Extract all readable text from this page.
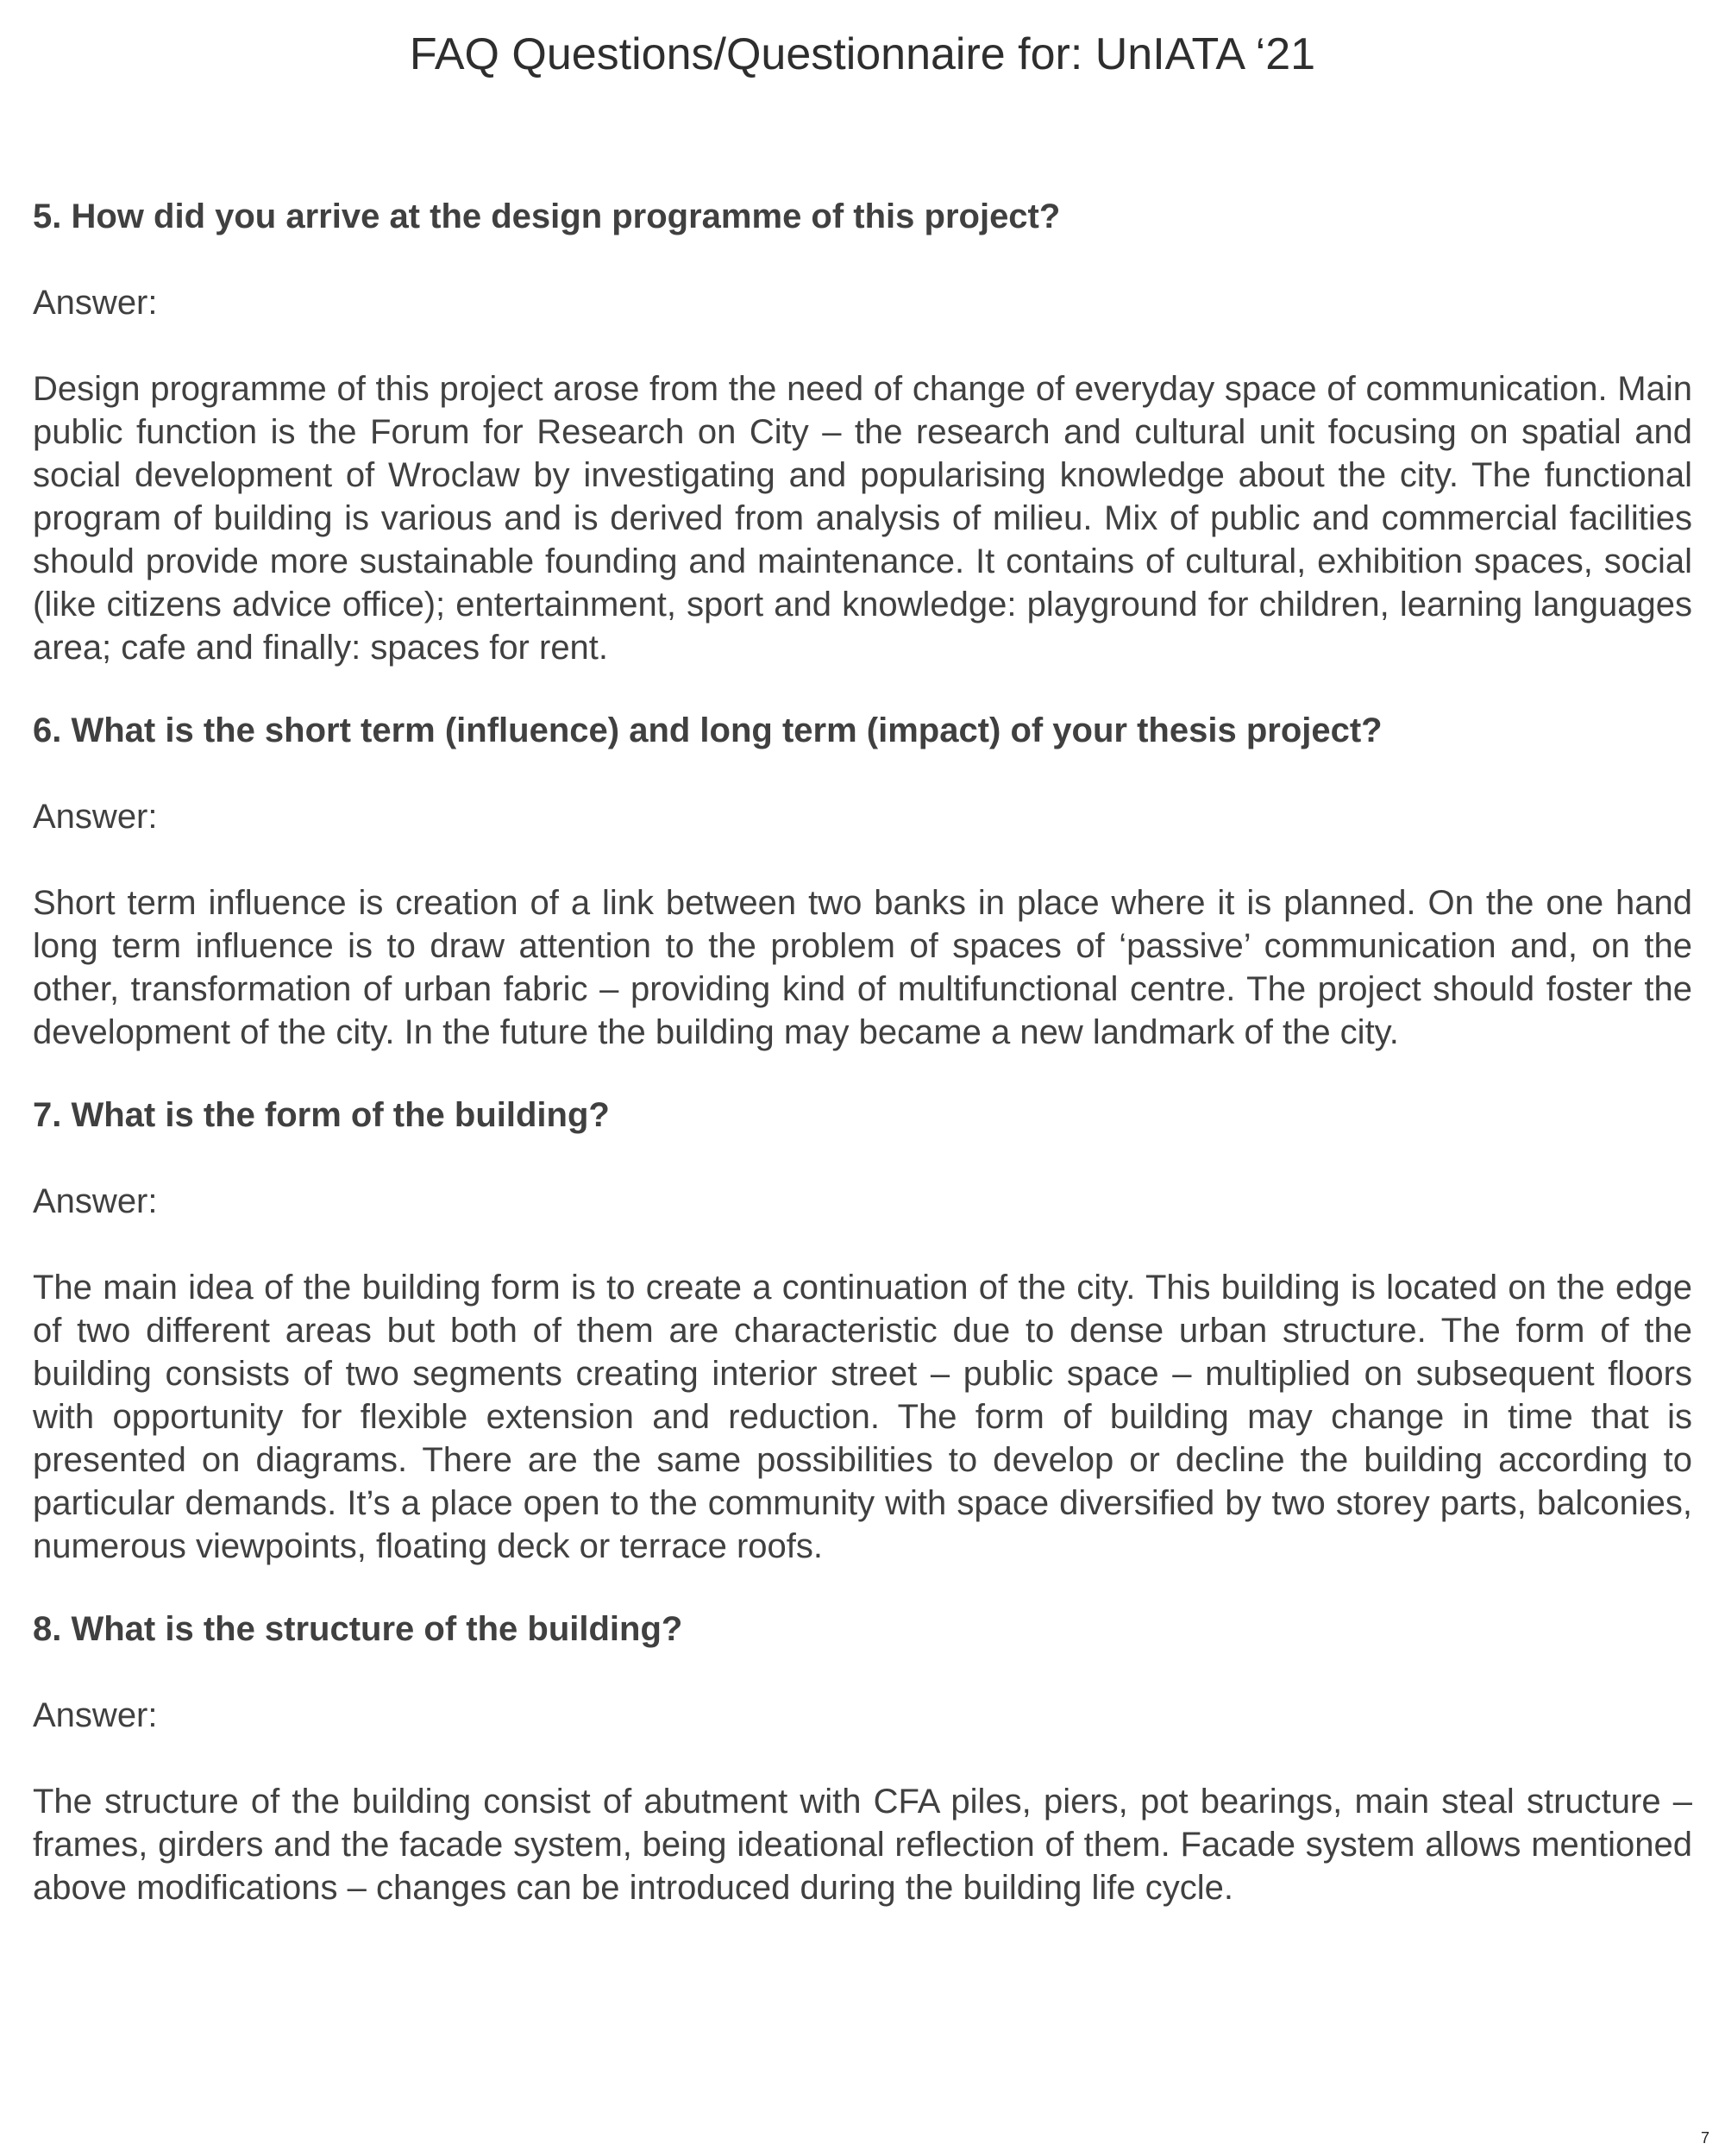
FAQ Questions/Questionnaire for: UnIATA ‘21

5. How did you arrive at the design programme of this project?

Answer:

Design programme of this project arose from the need of change of everyday space of communication. Main public function is the Forum for Research on City – the research and cultural unit focusing on spatial and social development of Wroclaw by investigating and popularising knowledge about the city. The functional program of building is various and is derived from analysis of milieu. Mix of public and commercial facilities should provide more sustainable founding and maintenance. It contains of cultural, exhibition spaces, social (like citizens advice office); entertainment, sport and knowledge: playground for children, learning languages area; cafe and finally: spaces for rent.

6. What is the short term (influence) and long term (impact) of your thesis project?

Answer:

Short term influence is creation of a link between two banks in place where it is planned. On the one hand long term influence is to draw attention to the problem of spaces of ‘passive’ communication and, on the other, transformation of urban fabric – providing kind of multifunctional centre. The project should foster the development of the city. In the future the building may became a new landmark of the city.

7. What is the form of the building?

Answer:

The main idea of the building form is to create a continuation of the city. This building is located on the edge of two different areas but both of them are characteristic due to dense urban structure. The form of the building consists of two segments creating interior street – public space – multiplied on subsequent floors with opportunity for flexible extension and reduction. The form of building may change in time that is presented on diagrams. There are the same possibilities to develop or decline the building according to particular demands. It’s a place open to the community with space diversified by two storey parts, balconies, numerous viewpoints, floating deck or terrace roofs.

8. What is the structure of the building?

Answer:

The structure of the building consist of abutment with CFA piles, piers, pot bearings, main steal structure – frames, girders and the facade system, being ideational reflection of them. Facade system allows mentioned above modifications – changes can be introduced during the building life cycle.

7
